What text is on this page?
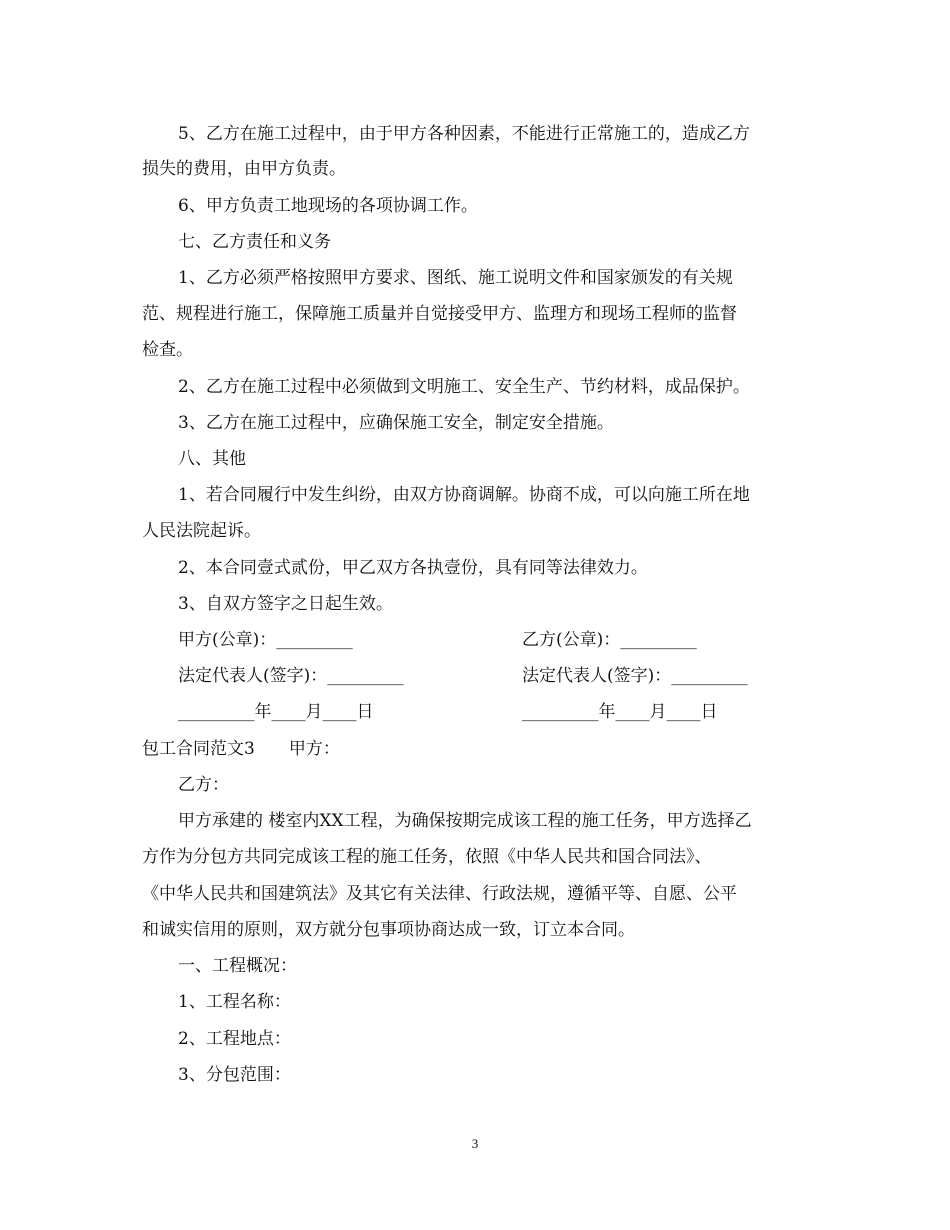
5、乙方在施工过程中，由于甲方各种因素，不能进行正常施工的，造成乙方
损失的费用，由甲方负责。
6、甲方负责工地现场的各项协调工作。
七、乙方责任和义务
1、乙方必须严格按照甲方要求、图纸、施工说明文件和国家颁发的有关规
范、规程进行施工，保障施工质量并自觉接受甲方、监理方和现场工程师的监督
检查。
2、乙方在施工过程中必须做到文明施工、安全生产、节约材料，成品保护。
3、乙方在施工过程中，应确保施工安全，制定安全措施。
八、其他
1、若合同履行中发生纠纷，由双方协商调解。协商不成，可以向施工所在地
人民法院起诉。
2、本合同壹式贰份，甲乙双方各执壹份，具有同等法律效力。
3、自双方签字之日起生效。
甲方(公章)：_________	乙方(公章)：_________
法定代表人(签字)：_________	法定代表人(签字)：_________
_________年____月____日	_________年____月____日
包工合同范文3　　甲方：
乙方：
甲方承建的 楼室内XX工程，为确保按期完成该工程的施工任务，甲方选择乙
方作为分包方共同完成该工程的施工任务，依照《中华人民共和国合同法》、
《中华人民共和国建筑法》及其它有关法律、行政法规，遵循平等、自愿、公平
和诚实信用的原则，双方就分包事项协商达成一致，订立本合同。
一、工程概况：
1、工程名称：
2、工程地点：
3、分包范围：
3
